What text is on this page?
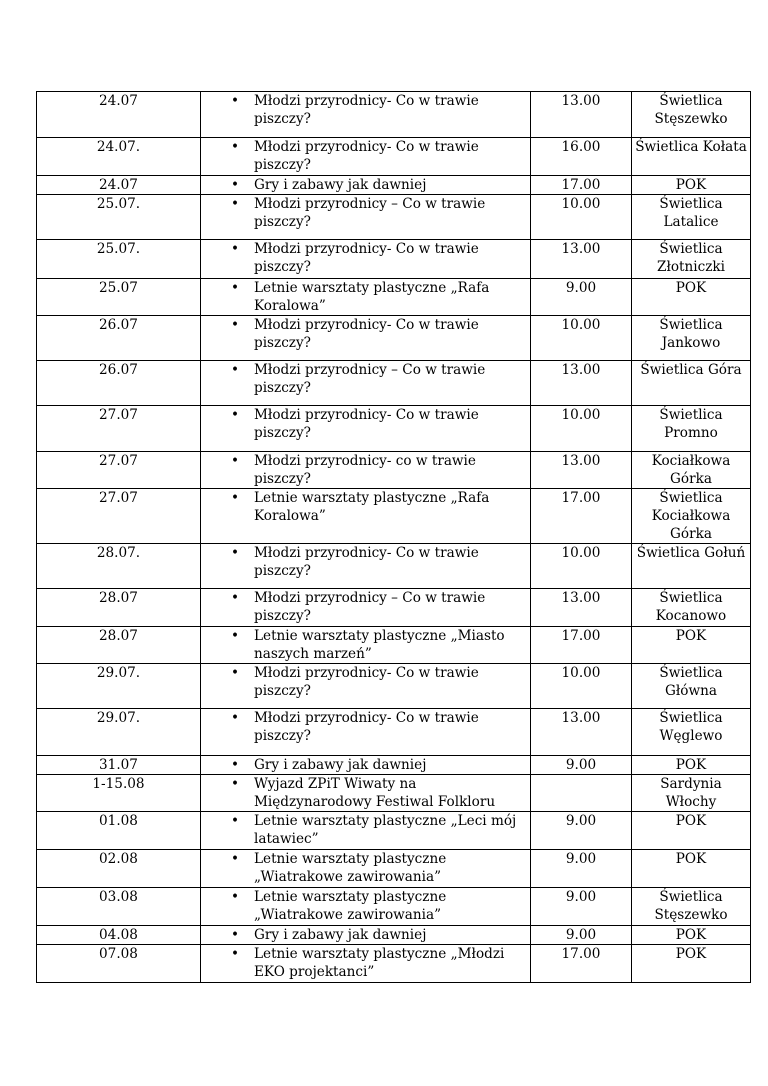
24.07	• Młodzi przyrodnicy- Co w trawie piszczy?	13.00	Świetlica Stęszewko
24.07.	• Młodzi przyrodnicy- Co w trawie piszczy?	16.00	Świetlica Kołata
24.07	• Gry i zabawy jak dawniej	17.00	POK
25.07.	• Młodzi przyrodnicy – Co w trawie piszczy?	10.00	Świetlica Latalice
25.07.	• Młodzi przyrodnicy- Co w trawie piszczy?	13.00	Świetlica Złotniczki
25.07	• Letnie warsztaty plastyczne „Rafa Koralowa”	9.00	POK
26.07	• Młodzi przyrodnicy- Co w trawie piszczy?	10.00	Świetlica Jankowo
26.07	• Młodzi przyrodnicy – Co w trawie piszczy?	13.00	Świetlica Góra
27.07	• Młodzi przyrodnicy- Co w trawie piszczy?	10.00	Świetlica Promno
27.07	• Młodzi przyrodnicy- co w trawie piszczy?	13.00	Kociałkowa Górka
27.07	• Letnie warsztaty plastyczne „Rafa Koralowa”	17.00	Świetlica Kociałkowa Górka
28.07.	• Młodzi przyrodnicy- Co w trawie piszczy?	10.00	Świetlica Gołuń
28.07	• Młodzi przyrodnicy – Co w trawie piszczy?	13.00	Świetlica Kocanowo
28.07	• Letnie warsztaty plastyczne „Miasto naszych marzeń”	17.00	POK
29.07.	• Młodzi przyrodnicy- Co w trawie piszczy?	10.00	Świetlica Główna
29.07.	• Młodzi przyrodnicy- Co w trawie piszczy?	13.00	Świetlica Węglewo
31.07	• Gry i zabawy jak dawniej	9.00	POK
1-15.08	• Wyjazd ZPiT Wiwaty na Międzynarodowy Festiwal Folkloru		Sardynia Włochy
01.08	• Letnie warsztaty plastyczne „Leci mój latawiec”	9.00	POK
02.08	• Letnie warsztaty plastyczne „Wiatrakowe zawirowania”	9.00	POK
03.08	• Letnie warsztaty plastyczne „Wiatrakowe zawirowania”	9.00	Świetlica Stęszewko
04.08	• Gry i zabawy jak dawniej	9.00	POK
07.08	• Letnie warsztaty plastyczne „Młodzi EKO projektanci”	17.00	POK
